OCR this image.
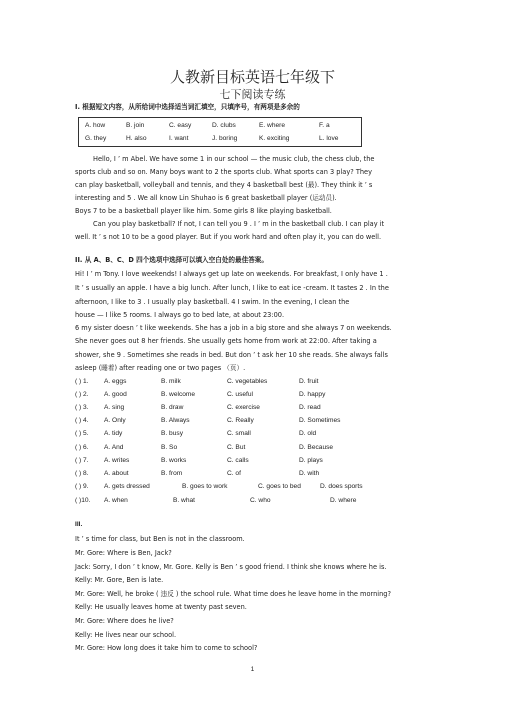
人教新目标英语七年级下
七下阅读专练
I. 根据短文内容，从所给词中选择适当词汇填空，只填序号，有两项是多余的
A. how	B. join	C. easy	D. clubs	E. where	F. a
G. they	H. also	I. want	J. boring	K. exciting	L. love
Hello, I ’ m Abel. We have some 1 in our school — the music club, the chess club, the
sports club and so on. Many boys want to 2 the sports club. What sports can 3 play? They
can play basketball, volleyball and tennis, and they 4 basketball best (最). They think it ’ s
interesting and 5 . We all know Lin Shuhao is 6 great basketball player (运动员).
Boys 7 to be a basketball player like him. Some girls 8 like playing basketball.
Can you play basketball? If not, I can tell you 9 . I ’ m in the basketball club. I can play it
well. It ’ s not 10 to be a good player. But if you work hard and often play it, you can do well.
II. 从 A、B、C、D 四个选项中选择可以填入空白处的最佳答案。
Hi! I ’ m Tony. I love weekends! I always get up late on weekends. For breakfast, I only have 1 .
It ’ s usually an apple. I have a big lunch. After lunch, I like to eat ice -cream. It tastes 2 . In the
afternoon, I like to 3 . I usually play basketball. 4 I swim. In the evening, I clean the
house — I like 5 rooms. I always go to bed late, at about 23:00.
6 my sister doesn ’ t like weekends. She has a job in a big store and she always 7 on weekends.
She never goes out 8 her friends. She usually gets home from work at 22:00. After taking a
shower, she 9 . Sometimes she reads in bed. But don ’ t ask her 10 she reads. She always falls
asleep (睡着) after reading one or two pages （页）.
( ) 1. A. eggs	B. milk	C. vegetables	D. fruit
( ) 2. A. good	B. welcome	C. useful	D. happy
( ) 3. A. sing	B. draw	C. exercise	D. read
( ) 4. A. Only	B. Always	C. Really	D. Sometimes
( ) 5. A. tidy	B. busy	C. small	D. old
( ) 6. A. And	B. So	C. But	D. Because
( ) 7. A. writes	B. works	C. calls	D. plays
( ) 8. A. about	B. from	C. of	D. with
( ) 9. A. gets dressed	B. goes to work	C. goes to bed	D. does sports
( )10. A. when	B. what	C. who	D. where
III.
It ’ s time for class, but Ben is not in the classroom.
Mr. Gore: Where is Ben, Jack?
Jack: Sorry, I don ’ t know, Mr. Gore. Kelly is Ben ’ s good friend. I think she knows where he is.
Kelly: Mr. Gore, Ben is late.
Mr. Gore: Well, he broke ( 违反 ) the school rule. What time does he leave home in the morning?
Kelly: He usually leaves home at twenty past seven.
Mr. Gore: Where does he live?
Kelly: He lives near our school.
Mr. Gore: How long does it take him to come to school?
1
